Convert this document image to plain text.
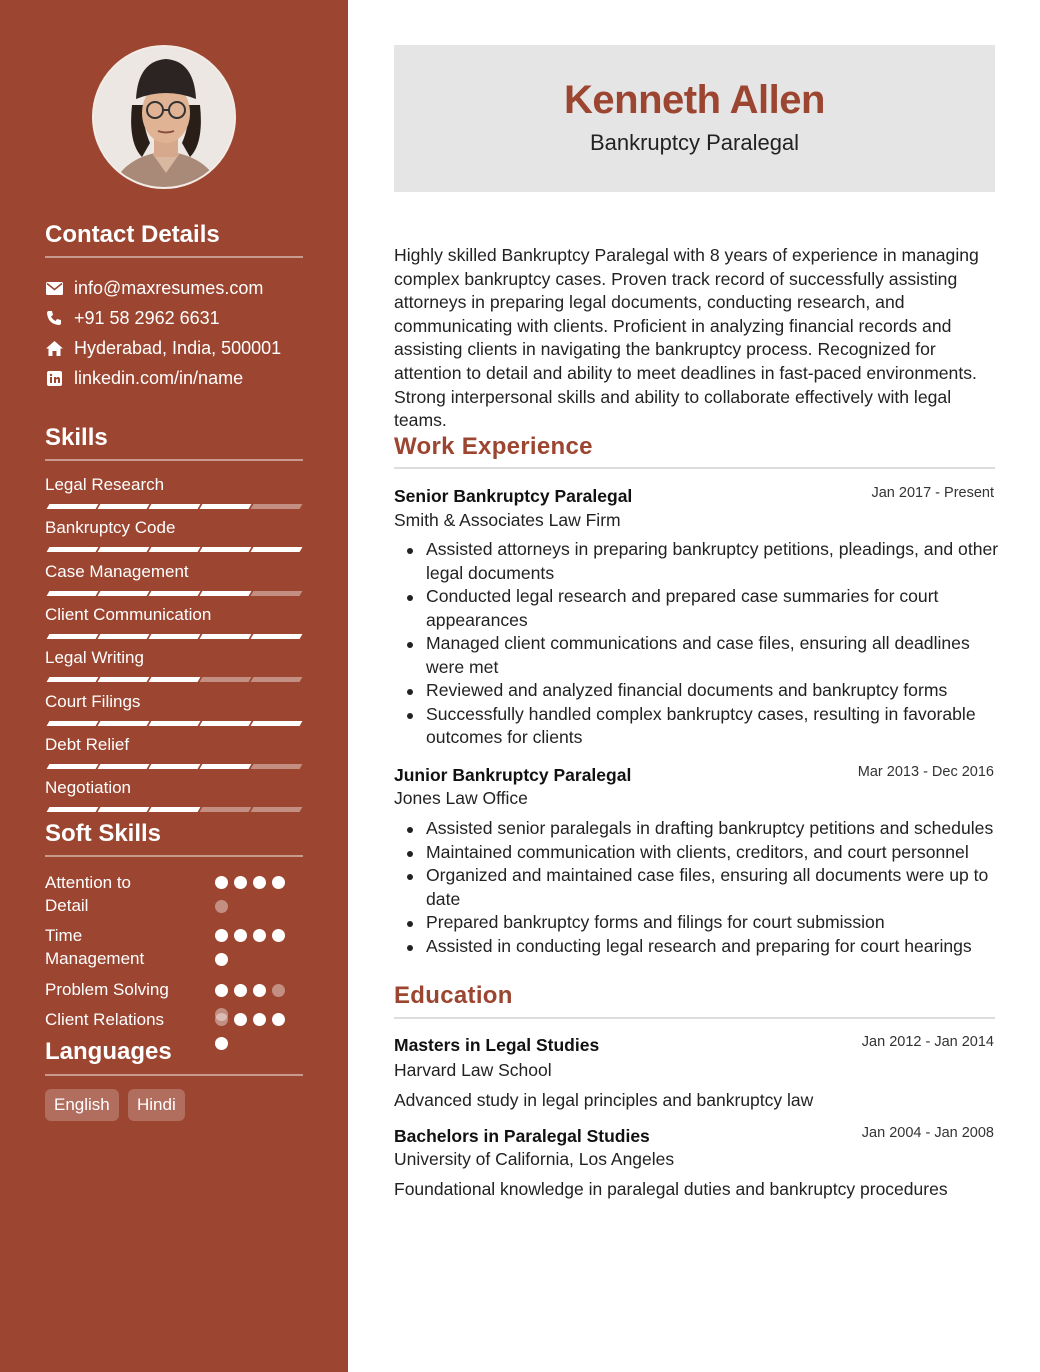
Contact Details
info@maxresumes.com
+91 58 2962 6631
Hyderabad, India, 500001
linkedin.com/in/name
Skills
Legal Research
Bankruptcy Code
Case Management
Client Communication
Legal Writing
Court Filings
Debt Relief
Negotiation
Soft Skills
Attention to Detail
Time Management
Problem Solving
Client Relations
Languages
English	Hindi
Kenneth Allen
Bankruptcy Paralegal
Highly skilled Bankruptcy Paralegal with 8 years of experience in managing complex bankruptcy cases. Proven track record of successfully assisting attorneys in preparing legal documents, conducting research, and communicating with clients. Proficient in analyzing financial records and assisting clients in navigating the bankruptcy process. Recognized for attention to detail and ability to meet deadlines in fast-paced environments. Strong interpersonal skills and ability to collaborate effectively with legal teams.
Work Experience
Senior Bankruptcy Paralegal	Jan 2017 - Present
Smith & Associates Law Firm
Assisted attorneys in preparing bankruptcy petitions, pleadings, and other legal documents
Conducted legal research and prepared case summaries for court appearances
Managed client communications and case files, ensuring all deadlines were met
Reviewed and analyzed financial documents and bankruptcy forms
Successfully handled complex bankruptcy cases, resulting in favorable outcomes for clients
Junior Bankruptcy Paralegal	Mar 2013 - Dec 2016
Jones Law Office
Assisted senior paralegals in drafting bankruptcy petitions and schedules
Maintained communication with clients, creditors, and court personnel
Organized and maintained case files, ensuring all documents were up to date
Prepared bankruptcy forms and filings for court submission
Assisted in conducting legal research and preparing for court hearings
Education
Masters in Legal Studies	Jan 2012 - Jan 2014
Harvard Law School
Advanced study in legal principles and bankruptcy law
Bachelors in Paralegal Studies	Jan 2004 - Jan 2008
University of California, Los Angeles
Foundational knowledge in paralegal duties and bankruptcy procedures
